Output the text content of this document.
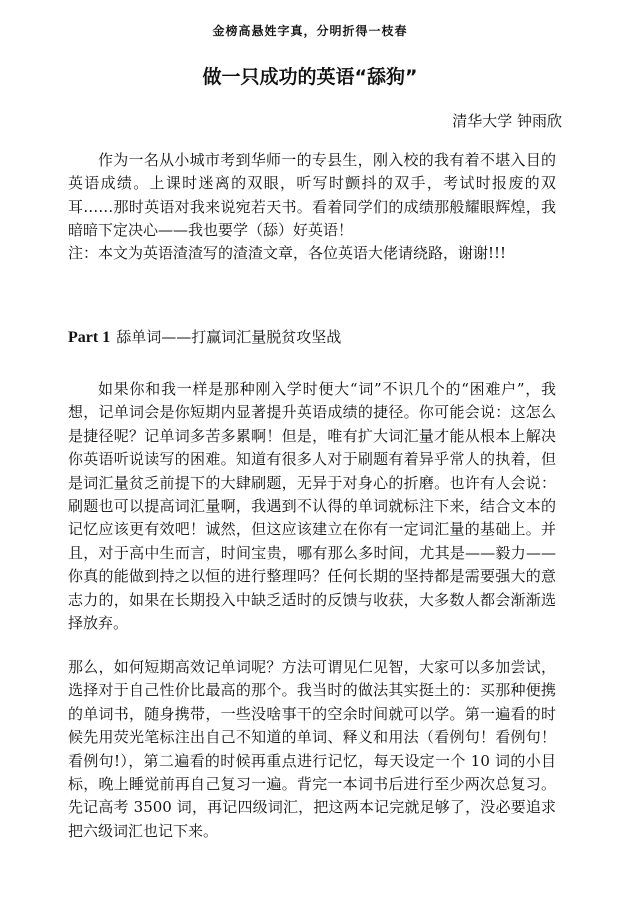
金榜高悬姓字真，分明折得一枝春
做一只成功的英语“舔狗”
清华大学 钟雨欣

作为一名从小城市考到华师一的专县生，刚入校的我有着不堪入目的英语成绩。上课时迷离的双眼，听写时颤抖的双手，考试时报废的双耳……那时英语对我来说宛若天书。看着同学们的成绩那般耀眼辉煌，我暗暗下定决心——我也要学（舔）好英语！

注：本文为英语渣渣写的渣渣文章，各位英语大佬请绕路，谢谢!!!

Part 1 舔单词——打赢词汇量脱贫攻坚战

如果你和我一样是那种刚入学时便大“词”不识几个的“困难户”，我想，记单词会是你短期内显著提升英语成绩的捷径。你可能会说：这怎么是捷径呢？记单词多苦多累啊！但是，唯有扩大词汇量才能从根本上解决你英语听说读写的困难。知道有很多人对于刷题有着异乎常人的执着，但是词汇量贫乏前提下的大肆刷题，无异于对身心的折磨。也许有人会说：刷题也可以提高词汇量啊，我遇到不认得的单词就标注下来，结合文本的记忆应该更有效吧！诚然，但这应该建立在你有一定词汇量的基础上。并且，对于高中生而言，时间宝贵，哪有那么多时间，尤其是——毅力——你真的能做到持之以恒的进行整理吗？任何长期的坚持都是需要强大的意志力的，如果在长期投入中缺乏适时的反馈与收获，大多数人都会渐渐选择放弃。

那么，如何短期高效记单词呢？方法可谓见仁见智，大家可以多加尝试，选择对于自己性价比最高的那个。我当时的做法其实挺土的：买那种便携的单词书，随身携带，一些没啥事干的空余时间就可以学。第一遍看的时候先用荧光笔标注出自己不知道的单词、释义和用法（看例句！看例句！看例句!），第二遍看的时候再重点进行记忆，每天设定一个 10 词的小目标，晚上睡觉前再自己复习一遍。背完一本词书后进行至少两次总复习。先记高考 3500 词，再记四级词汇，把这两本记完就足够了，没必要追求把六级词汇也记下来。
